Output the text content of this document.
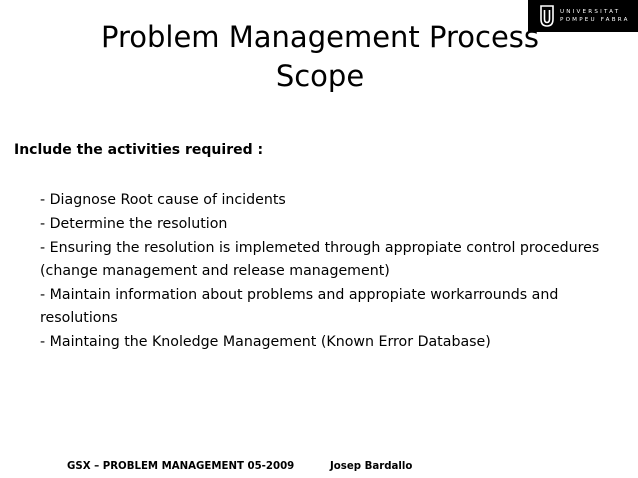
UNIVERSITAT
POMPEU FABRA
Problem Management Process
Scope
Include the activities required :
- Diagnose Root cause of incidents
- Determine the resolution
- Ensuring the resolution is implemeted through appropiate control procedures (change management and release management)
- Maintain information about problems and appropiate workarrounds and resolutions
- Maintaing the Knoledge Management (Known Error Database)
GSX – PROBLEM MANAGEMENT 05-2009	Josep Bardallo
